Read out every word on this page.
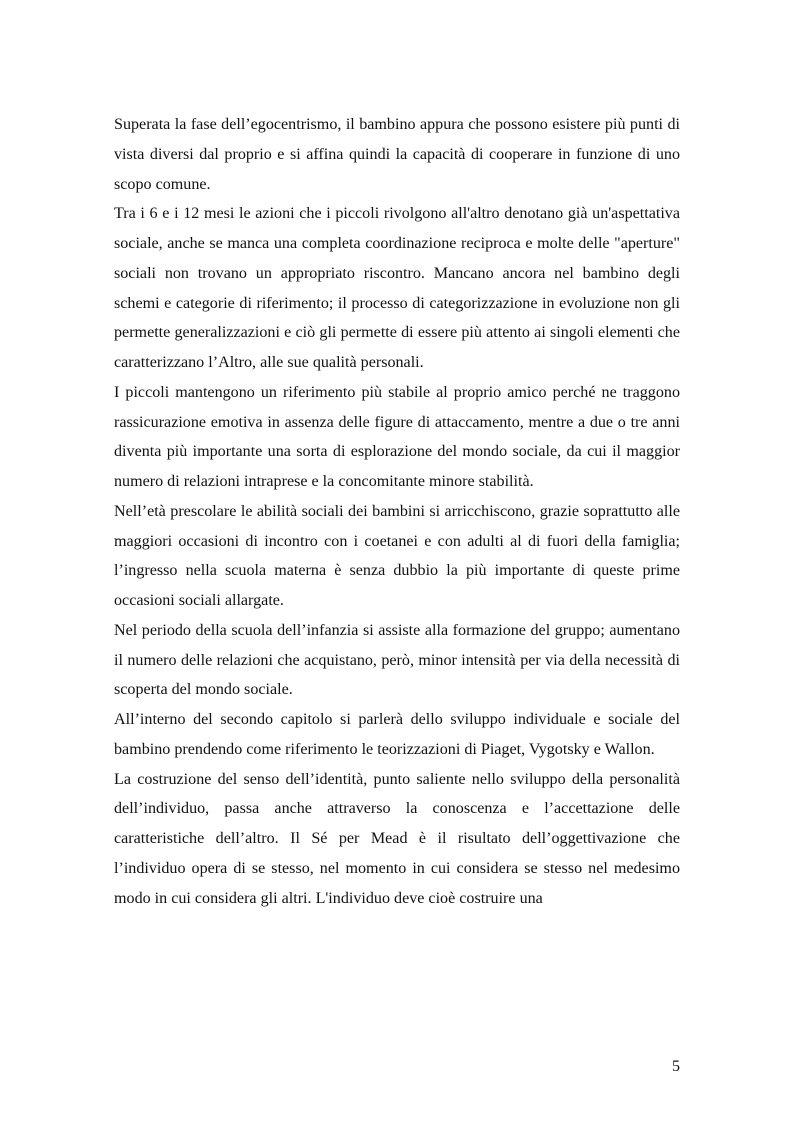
Superata la fase dell’egocentrismo, il bambino appura che possono esistere più punti di vista diversi dal proprio e si affina quindi la capacità di cooperare in funzione di uno scopo comune.

Tra i 6 e i 12 mesi le azioni che i piccoli rivolgono all'altro denotano già un'aspettativa sociale, anche se manca una completa coordinazione reciproca e molte delle "aperture" sociali non trovano un appropriato riscontro. Mancano ancora nel bambino degli schemi e categorie di riferimento; il processo di categorizzazione in evoluzione non gli permette generalizzazioni e ciò gli permette di essere più attento ai singoli elementi che caratterizzano l’Altro, alle sue qualità personali.

I piccoli mantengono un riferimento più stabile al proprio amico perché ne traggono rassicurazione emotiva in assenza delle figure di attaccamento, mentre a due o tre anni diventa più importante una sorta di esplorazione del mondo sociale, da cui il maggior numero di relazioni intraprese e la concomitante minore stabilità.

Nell’età prescolare le abilità sociali dei bambini si arricchiscono, grazie soprattutto alle maggiori occasioni di incontro con i coetanei e con adulti al di fuori della famiglia; l’ingresso nella scuola materna è senza dubbio la più importante di queste prime occasioni sociali allargate.

Nel periodo della scuola dell’infanzia si assiste alla formazione del gruppo; aumentano il numero delle relazioni che acquistano, però, minor intensità per via della necessità di scoperta del mondo sociale.

All’interno del secondo capitolo si parlerà dello sviluppo individuale e sociale del bambino prendendo come riferimento le teorizzazioni di Piaget, Vygotsky e Wallon.

La costruzione del senso dell’identità, punto saliente nello sviluppo della personalità dell’individuo, passa anche attraverso la conoscenza e l’accettazione delle caratteristiche dell’altro. Il Sé per Mead è il risultato dell’oggettivazione che l’individuo opera di se stesso, nel momento in cui considera se stesso nel medesimo modo in cui considera gli altri. L'individuo deve cioè costruire una

5
